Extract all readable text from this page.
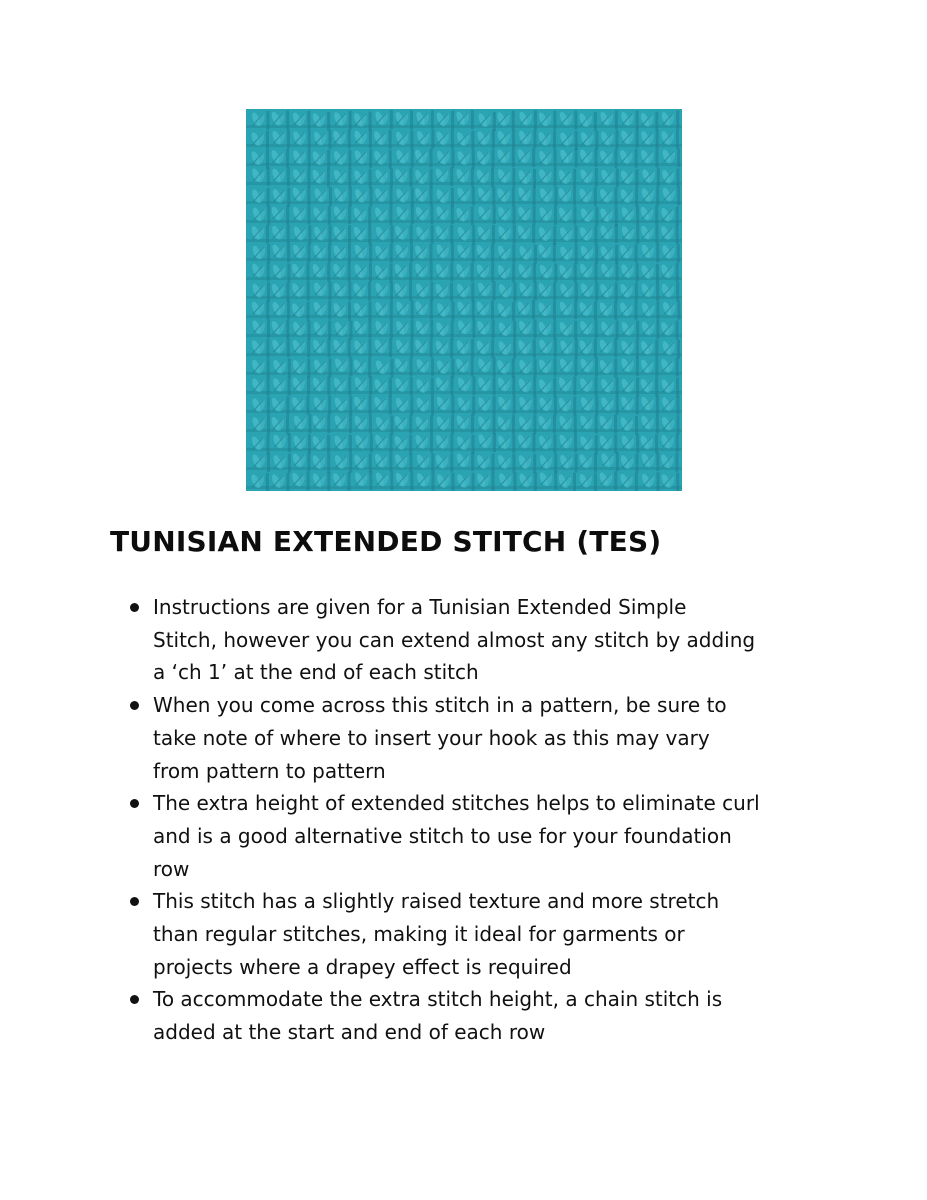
TUNISIAN EXTENDED STITCH (TES)
Instructions are given for a Tunisian Extended Simple
Stitch, however you can extend almost any stitch by adding
a ‘ch 1’ at the end of each stitch
When you come across this stitch in a pattern, be sure to
take note of where to insert your hook as this may vary
from pattern to pattern
The extra height of extended stitches helps to eliminate curl
and is a good alternative stitch to use for your foundation
row
This stitch has a slightly raised texture and more stretch
than regular stitches, making it ideal for garments or
projects where a drapey effect is required
To accommodate the extra stitch height, a chain stitch is
added at the start and end of each row
